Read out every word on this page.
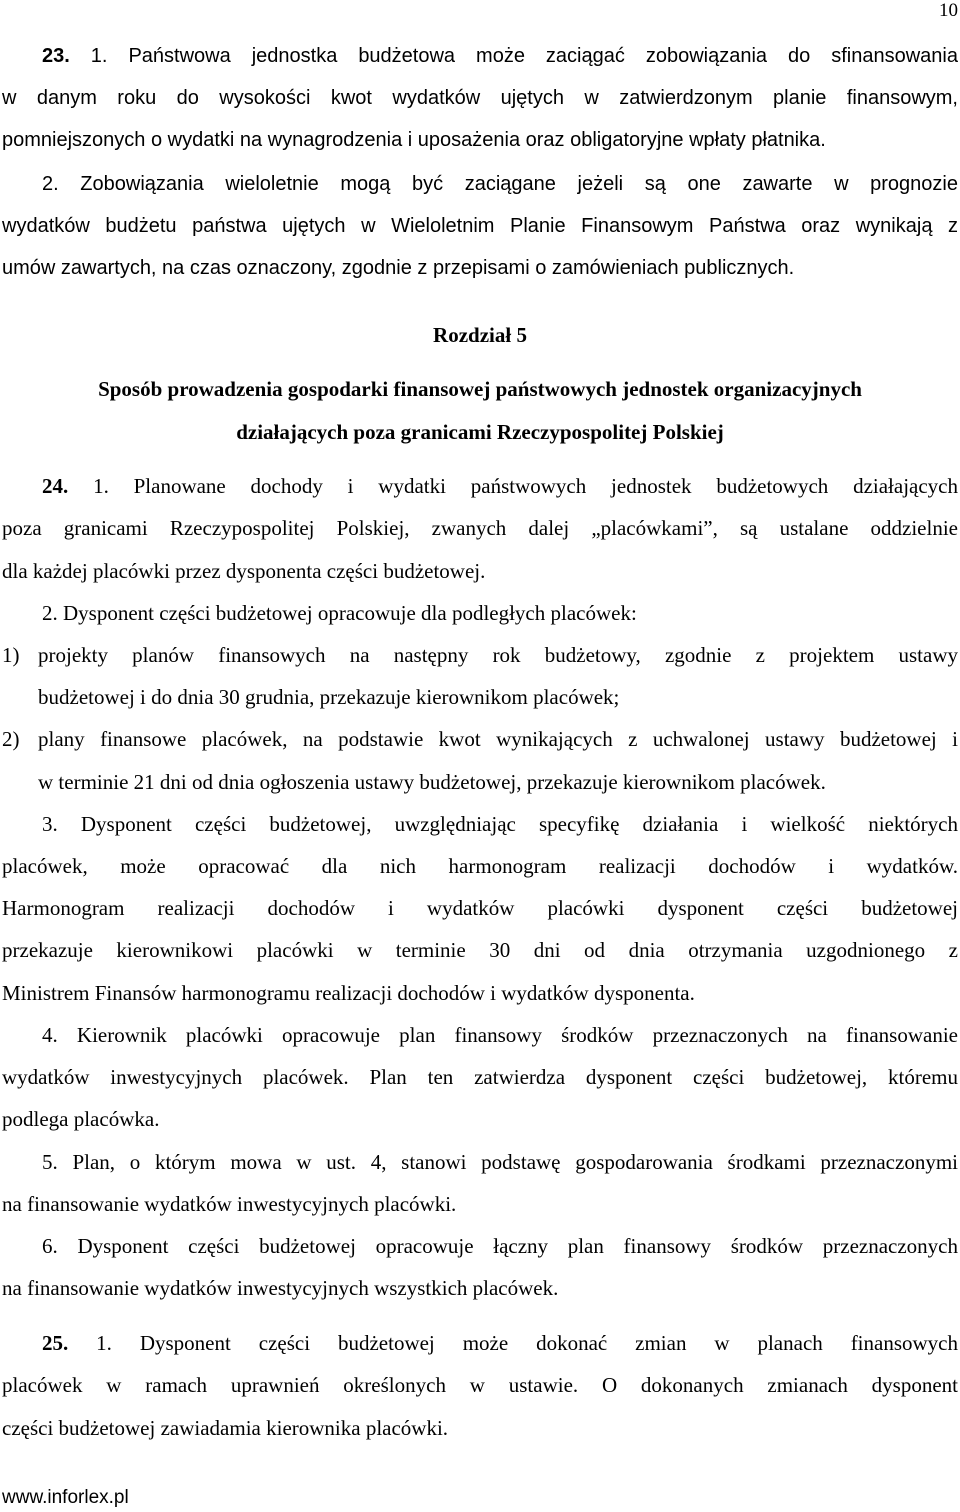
10
23. 1. Państwowa jednostka budżetowa może zaciągać zobowiązania do sfinansowania
w danym roku do wysokości kwot wydatków ujętych w zatwierdzonym planie finansowym,
pomniejszonych o wydatki na wynagrodzenia i uposażenia oraz obligatoryjne wpłaty płatnika.
2. Zobowiązania wieloletnie mogą być zaciągane jeżeli są one zawarte w prognozie
wydatków budżetu państwa ujętych w Wieloletnim Planie Finansowym Państwa oraz wynikają z
umów zawartych, na czas oznaczony, zgodnie z przepisami o zamówieniach publicznych.
Rozdział 5
Sposób prowadzenia gospodarki finansowej państwowych jednostek organizacyjnych
działających poza granicami Rzeczypospolitej Polskiej
24. 1. Planowane dochody i wydatki państwowych jednostek budżetowych działających
poza granicami Rzeczypospolitej Polskiej, zwanych dalej „placówkami”, są ustalane oddzielnie
dla każdej placówki przez dysponenta części budżetowej.
2. Dysponent części budżetowej opracowuje dla podległych placówek:
1) projekty planów finansowych na następny rok budżetowy, zgodnie z projektem ustawy
budżetowej i do dnia 30 grudnia, przekazuje kierownikom placówek;
2) plany finansowe placówek, na podstawie kwot wynikających z uchwalonej ustawy budżetowej i
w terminie 21 dni od dnia ogłoszenia ustawy budżetowej, przekazuje kierownikom placówek.
3. Dysponent części budżetowej, uwzględniając specyfikę działania i wielkość niektórych
placówek, może opracować dla nich harmonogram realizacji dochodów i wydatków.
Harmonogram realizacji dochodów i wydatków placówki dysponent części budżetowej
przekazuje kierownikowi placówki w terminie 30 dni od dnia otrzymania uzgodnionego z
Ministrem Finansów harmonogramu realizacji dochodów i wydatków dysponenta.
4. Kierownik placówki opracowuje plan finansowy środków przeznaczonych na finansowanie
wydatków inwestycyjnych placówek. Plan ten zatwierdza dysponent części budżetowej, któremu
podlega placówka.
5. Plan, o którym mowa w ust. 4, stanowi podstawę gospodarowania środkami przeznaczonymi
na finansowanie wydatków inwestycyjnych placówki.
6. Dysponent części budżetowej opracowuje łączny plan finansowy środków przeznaczonych
na finansowanie wydatków inwestycyjnych wszystkich placówek.
25. 1. Dysponent części budżetowej może dokonać zmian w planach finansowych
placówek w ramach uprawnień określonych w ustawie. O dokonanych zmianach dysponent
części budżetowej zawiadamia kierownika placówki.
www.inforlex.pl
